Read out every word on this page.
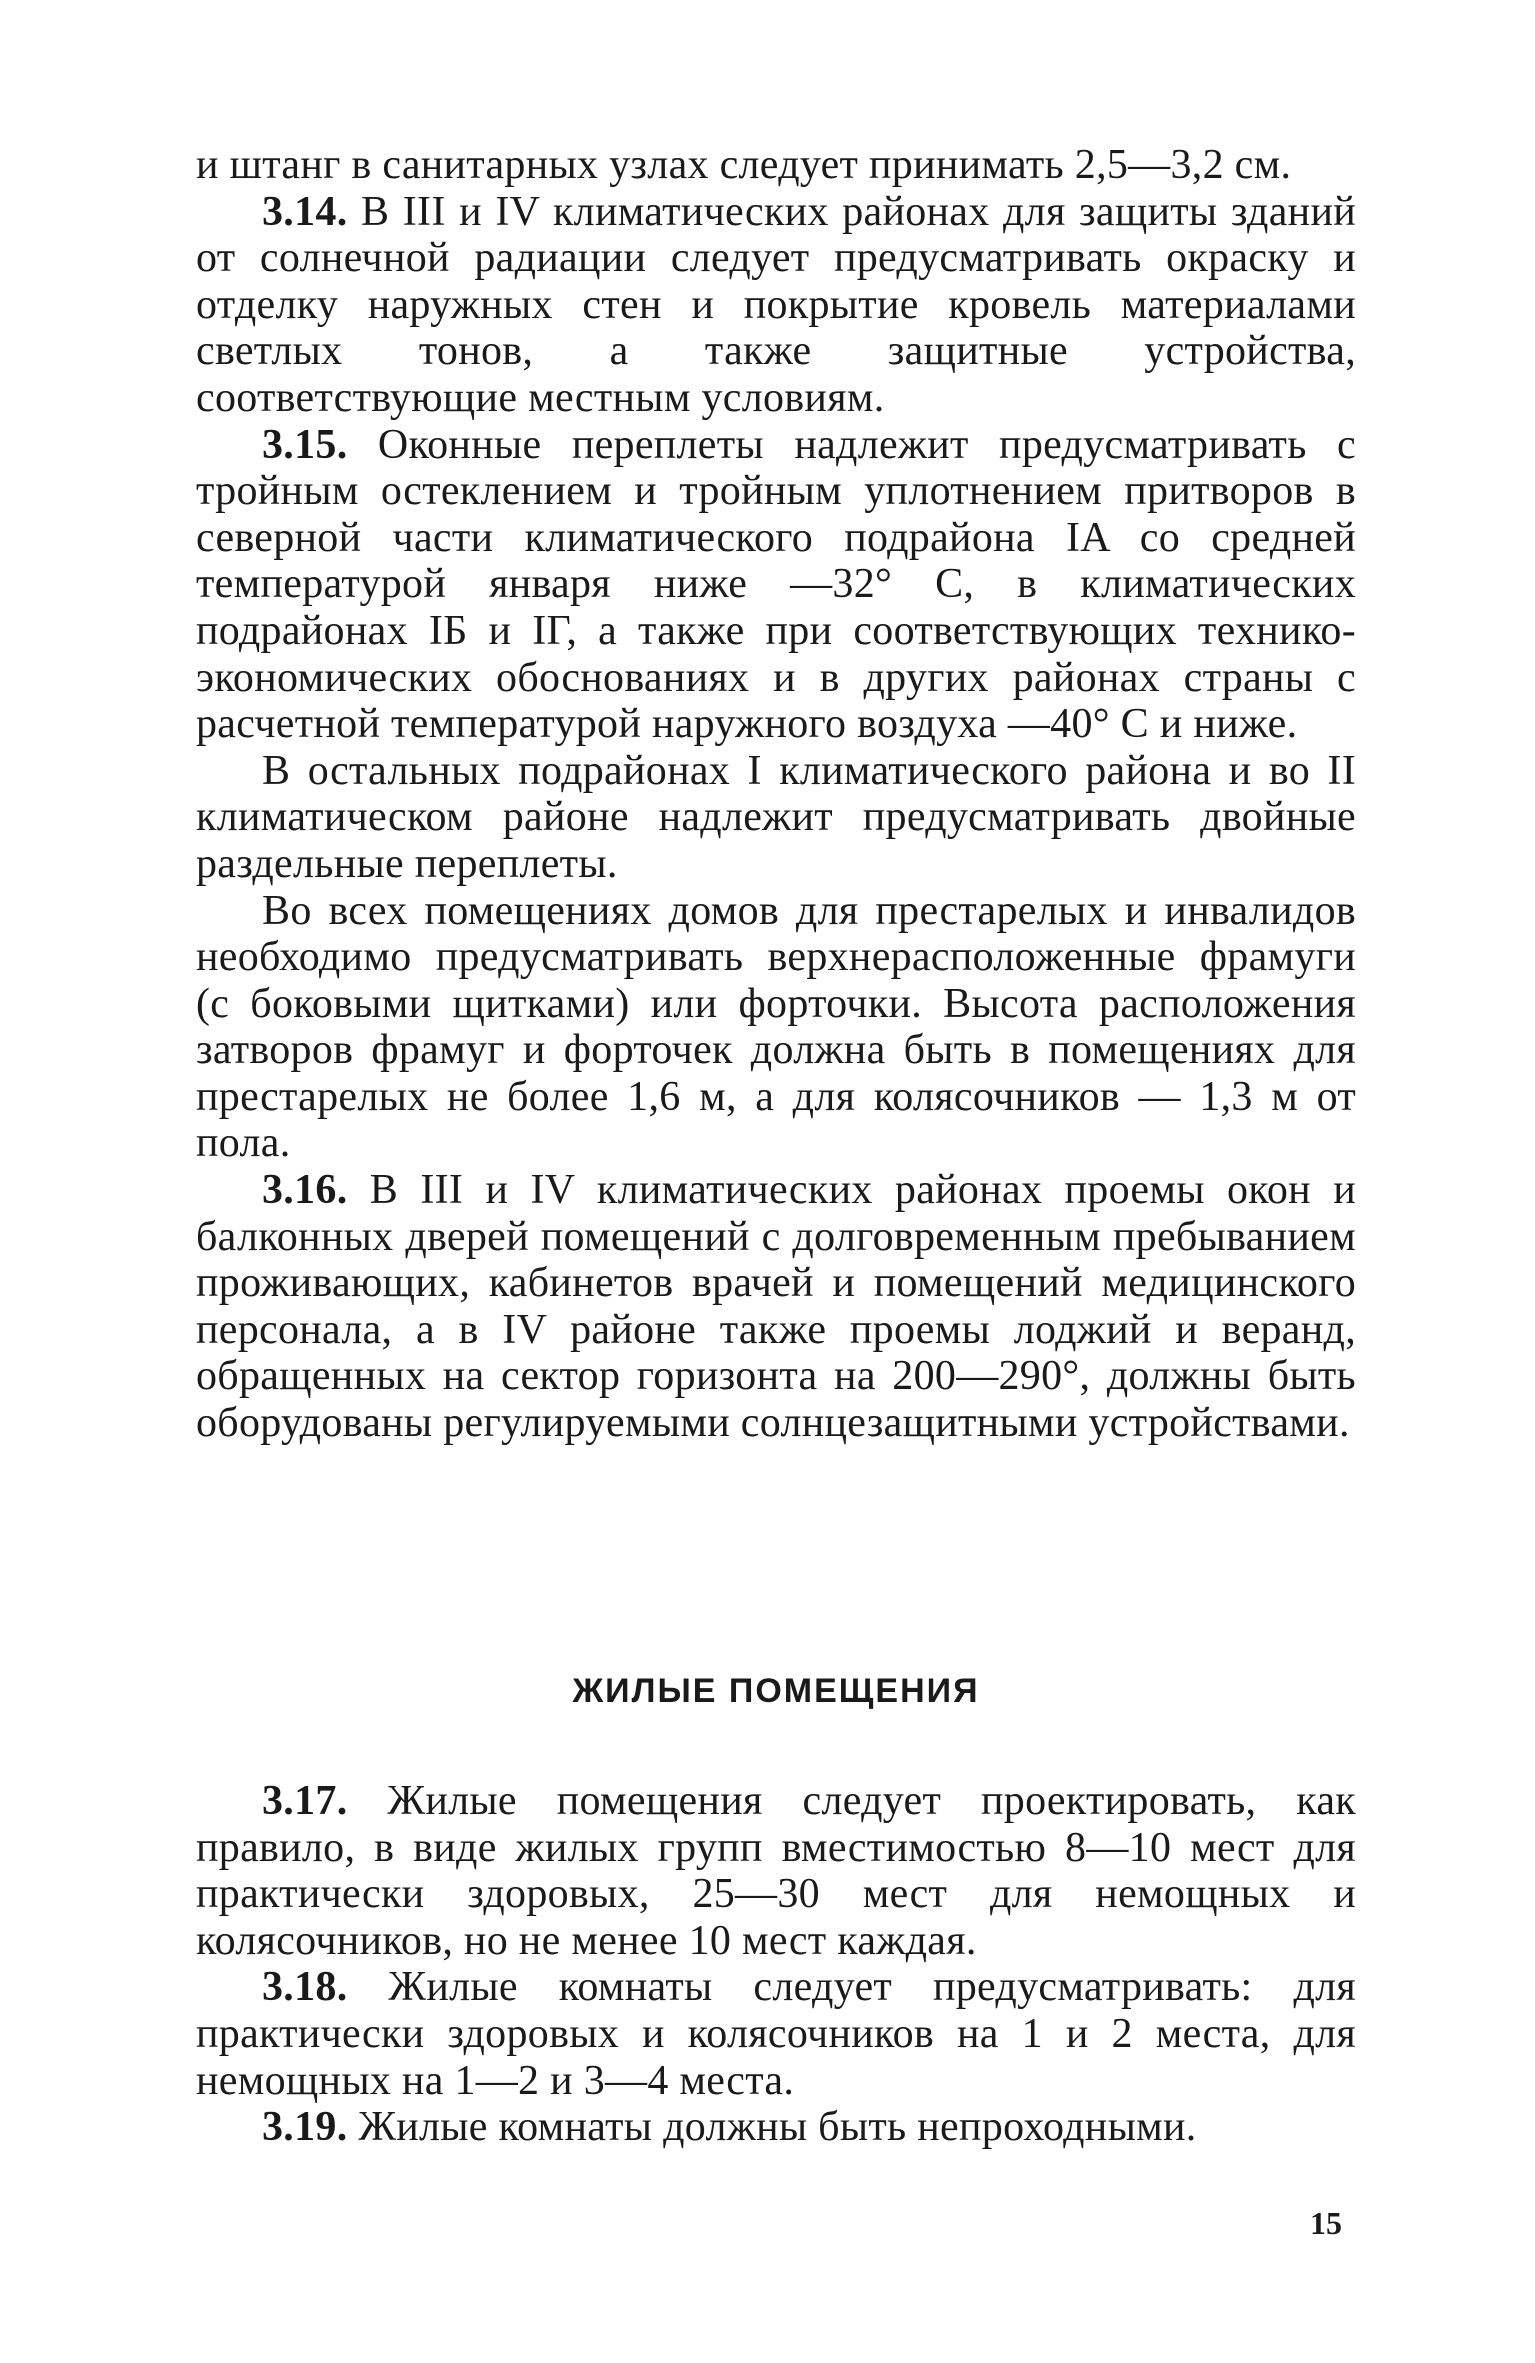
и штанг в санитарных узлах следует принимать 2,5—3,2 см.

3.14. В III и IV климатических районах для защиты зданий от солнечной радиации следует предусматривать окраску и отделку наружных стен и покрытие кровель материалами светлых тонов, а также защитные устройства, соответствующие местным условиям.

3.15. Оконные переплеты надлежит предусматривать с тройным остеклением и тройным уплотнением притворов в северной части климатического подрайона IA со средней температурой января ниже —32° C, в климатических подрайонах IБ и IГ, а также при соответствующих технико-экономических обоснованиях и в других районах страны с расчетной температурой наружного воздуха —40° C и ниже.

В остальных подрайонах I климатического района и во II климатическом районе надлежит предусматривать двойные раздельные переплеты.

Во всех помещениях домов для престарелых и инвалидов необходимо предусматривать верхнерасположенные фрамуги (с боковыми щитками) или форточки. Высота расположения затворов фрамуг и форточек должна быть в помещениях для престарелых не более 1,6 м, а для колясочников — 1,3 м от пола.

3.16. В III и IV климатических районах проемы окон и балконных дверей помещений с долговременным пребыванием проживающих, кабинетов врачей и помещений медицинского персонала, а в IV районе также проемы лоджий и веранд, обращенных на сектор горизонта на 200—290°, должны быть оборудованы регулируемыми солнцезащитными устройствами.

ЖИЛЫЕ ПОМЕЩЕНИЯ

3.17. Жилые помещения следует проектировать, как правило, в виде жилых групп вместимостью 8—10 мест для практически здоровых, 25—30 мест для немощных и колясочников, но не менее 10 мест каждая.

3.18. Жилые комнаты следует предусматривать: для практически здоровых и колясочников на 1 и 2 места, для немощных на 1—2 и 3—4 места.

3.19. Жилые комнаты должны быть непроходными.

15
